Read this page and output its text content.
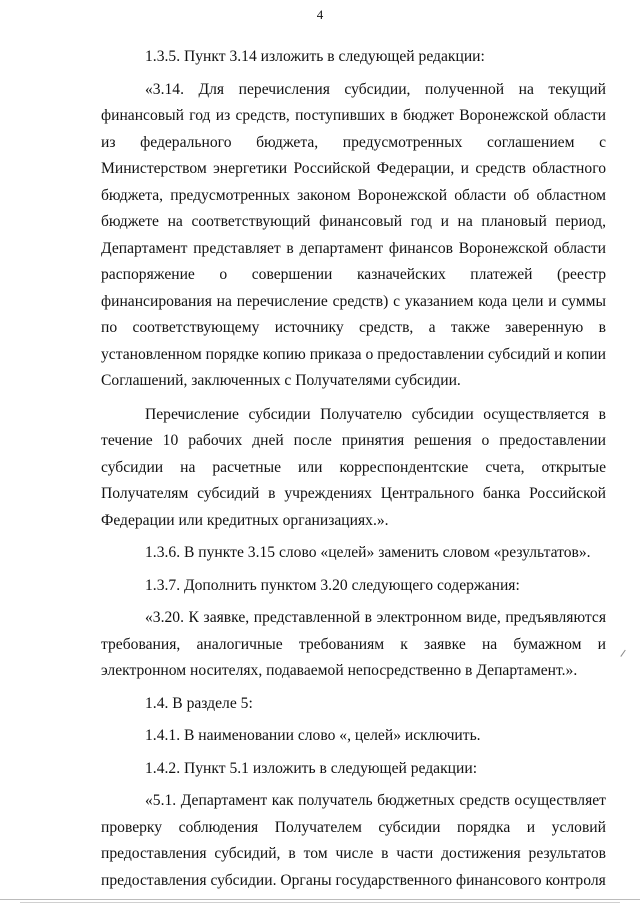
4

1.3.5. Пункт 3.14 изложить в следующей редакции:

«3.14. Для перечисления субсидии, полученной на текущий финансовый год из средств, поступивших в бюджет Воронежской области из федерального бюджета, предусмотренных соглашением с Министерством энергетики Российской Федерации, и средств областного бюджета, предусмотренных законом Воронежской области об областном бюджете на соответствующий финансовый год и на плановый период, Департамент представляет в департамент финансов Воронежской области распоряжение о совершении казначейских платежей (реестр финансирования на перечисление средств) с указанием кода цели и суммы по соответствующему источнику средств, а также заверенную в установленном порядке копию приказа о предоставлении субсидий и копии Соглашений, заключенных с Получателями субсидии.

Перечисление субсидии Получателю субсидии осуществляется в течение 10 рабочих дней после принятия решения о предоставлении субсидии на расчетные или корреспондентские счета, открытые Получателям субсидий в учреждениях Центрального банка Российской Федерации или кредитных организациях.».

1.3.6. В пункте 3.15 слово «целей» заменить словом «результатов».

1.3.7. Дополнить пунктом 3.20 следующего содержания:

«3.20. К заявке, представленной в электронном виде, предъявляются требования, аналогичные требованиям к заявке на бумажном и электронном носителях, подаваемой непосредственно в Департамент.».

1.4. В разделе 5:

1.4.1. В наименовании слово «, целей» исключить.

1.4.2. Пункт 5.1 изложить в следующей редакции:

«5.1. Департамент как получатель бюджетных средств осуществляет проверку соблюдения Получателем субсидии порядка и условий предоставления субсидий, в том числе в части достижения результатов предоставления субсидии. Органы государственного финансового контроля
